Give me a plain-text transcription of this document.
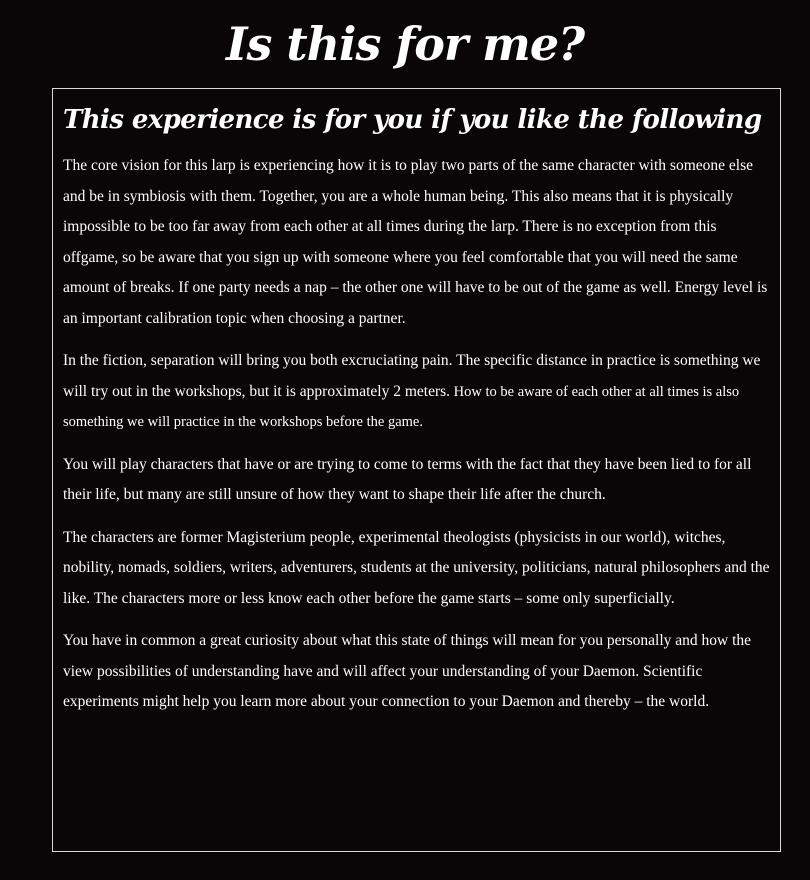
Is this for me?
This experience is for you if you like the following

The core vision for this larp is experiencing how it is to play two parts of the same character with someone else and be in symbiosis with them. Together, you are a whole human being. This also means that it is physically impossible to be too far away from each other at all times during the larp. There is no exception from this offgame, so be aware that you sign up with someone where you feel comfortable that you will need the same amount of breaks. If one party needs a nap – the other one will have to be out of the game as well. Energy level is an important calibration topic when choosing a partner.

In the fiction, separation will bring you both excruciating pain. The specific distance in practice is something we will try out in the workshops, but it is approximately 2 meters. How to be aware of each other at all times is also something we will practice in the workshops before the game.

You will play characters that have or are trying to come to terms with the fact that they have been lied to for all their life, but many are still unsure of how they want to shape their life after the church.

The characters are former Magisterium people, experimental theologists (physicists in our world), witches, nobility, nomads, soldiers, writers, adventurers, students at the university, politicians, natural philosophers and the like. The characters more or less know each other before the game starts – some only superficially.

You have in common a great curiosity about what this state of things will mean for you personally and how the view possibilities of understanding have and will affect your understanding of your Daemon. Scientific experiments might help you learn more about your connection to your Daemon and thereby – the world.
